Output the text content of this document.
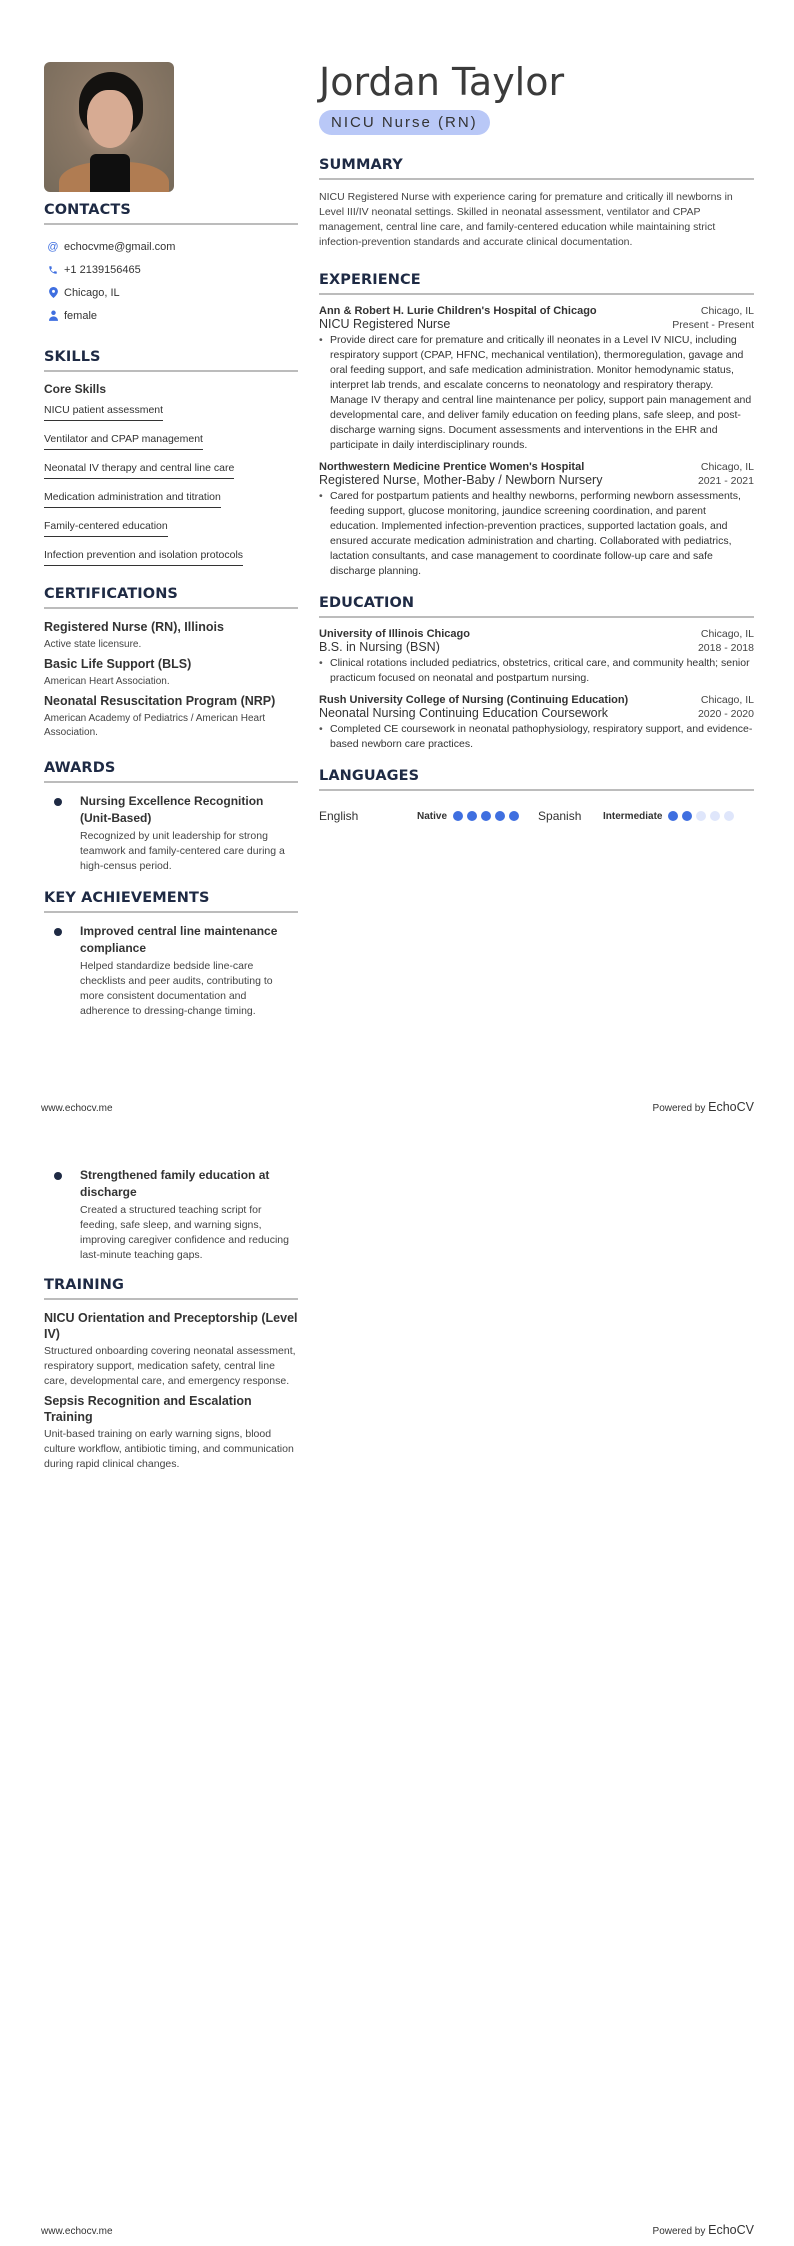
CONTACTS
@ echocvme@gmail.com
+1 2139156465
Chicago, IL
female
SKILLS
Core Skills
NICU patient assessment
Ventilator and CPAP management
Neonatal IV therapy and central line care
Medication administration and titration
Family-centered education
Infection prevention and isolation protocols
CERTIFICATIONS
Registered Nurse (RN), Illinois
Active state licensure.
Basic Life Support (BLS)
American Heart Association.
Neonatal Resuscitation Program (NRP)
American Academy of Pediatrics / American Heart Association.
AWARDS
Nursing Excellence Recognition (Unit-Based)
Recognized by unit leadership for strong teamwork and family-centered care during a high-census period.
KEY ACHIEVEMENTS
Improved central line maintenance compliance
Helped standardize bedside line-care checklists and peer audits, contributing to more consistent documentation and adherence to dressing-change timing.
Jordan Taylor
NICU Nurse (RN)
SUMMARY
NICU Registered Nurse with experience caring for premature and critically ill newborns in Level III/IV neonatal settings. Skilled in neonatal assessment, ventilator and CPAP management, central line care, and family-centered education while maintaining strict infection-prevention standards and accurate clinical documentation.
EXPERIENCE
Ann & Robert H. Lurie Children's Hospital of Chicago	Chicago, IL
NICU Registered Nurse	Present - Present
• Provide direct care for premature and critically ill neonates in a Level IV NICU, including respiratory support (CPAP, HFNC, mechanical ventilation), thermoregulation, gavage and oral feeding support, and safe medication administration. Monitor hemodynamic status, interpret lab trends, and escalate concerns to neonatology and respiratory therapy. Manage IV therapy and central line maintenance per policy, support pain management and developmental care, and deliver family education on feeding plans, safe sleep, and post-discharge warning signs. Document assessments and interventions in the EHR and participate in daily interdisciplinary rounds.
Northwestern Medicine Prentice Women's Hospital	Chicago, IL
Registered Nurse, Mother-Baby / Newborn Nursery	2021 - 2021
• Cared for postpartum patients and healthy newborns, performing newborn assessments, feeding support, glucose monitoring, jaundice screening coordination, and parent education. Implemented infection-prevention practices, supported lactation goals, and ensured accurate medication administration and charting. Collaborated with pediatrics, lactation consultants, and case management to coordinate follow-up care and safe discharge planning.
EDUCATION
University of Illinois Chicago	Chicago, IL
B.S. in Nursing (BSN)	2018 - 2018
• Clinical rotations included pediatrics, obstetrics, critical care, and community health; senior practicum focused on neonatal and postpartum nursing.
Rush University College of Nursing (Continuing Education)	Chicago, IL
Neonatal Nursing Continuing Education Coursework	2020 - 2020
• Completed CE coursework in neonatal pathophysiology, respiratory support, and evidence-based newborn care practices.
LANGUAGES
English	Native	Spanish	Intermediate
www.echocv.me	Powered by EchoCV
Strengthened family education at discharge
Created a structured teaching script for feeding, safe sleep, and warning signs, improving caregiver confidence and reducing last-minute teaching gaps.
TRAINING
NICU Orientation and Preceptorship (Level IV)
Structured onboarding covering neonatal assessment, respiratory support, medication safety, central line care, developmental care, and emergency response.
Sepsis Recognition and Escalation Training
Unit-based training on early warning signs, blood culture workflow, antibiotic timing, and communication during rapid clinical changes.
www.echocv.me	Powered by EchoCV
